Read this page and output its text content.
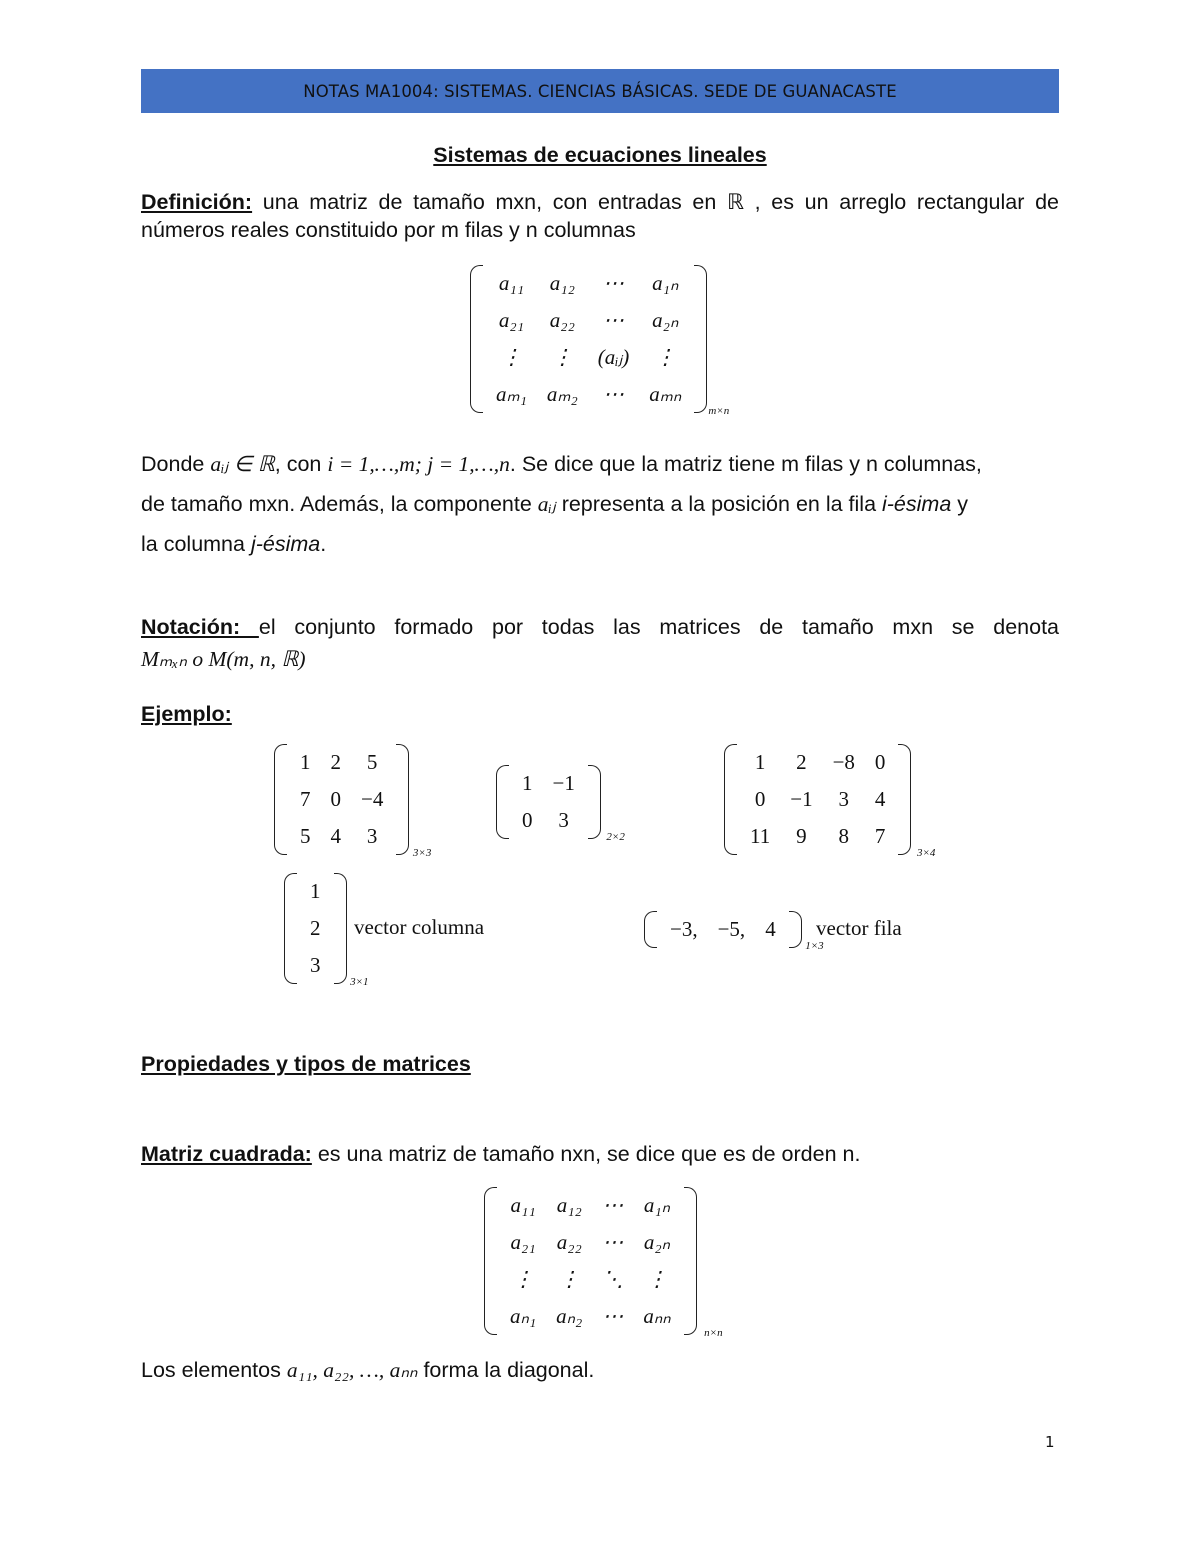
NOTAS MA1004: SISTEMAS. CIENCIAS BÁSICAS. SEDE DE GUANACASTE
Sistemas de ecuaciones lineales
Definición: una matriz de tamaño mxn, con entradas en ℝ , es un arreglo rectangular de
números reales constituido por m filas y n columnas
a₁₁	a₁₂	⋯	a₁ₙ
a₂₁	a₂₂	⋯	a₂ₙ
⋮	⋮	(aᵢⱼ)	⋮
aₘ₁	aₘ₂	⋯	aₘₙ
m×n
Donde aᵢⱼ ∈ ℝ, con i = 1,…,m; j = 1,…,n. Se dice que la matriz tiene m filas y n columnas,
de tamaño mxn. Además, la componente aᵢⱼ representa a la posición en la fila i-ésima y
la columna j-ésima.
Notación: el conjunto formado por todas las matrices de tamaño mxn se denota
Mₘₓₙ o M(m, n, ℝ)
Ejemplo:
1	2	5
7	0	−4
5	4	3
3×3
1	−1
0	3
2×2
1	2	−8	0
0	−1	3	4
11	9	8	7
3×4
1
2
3
3×1
vector columna	−3,	−5,	4
1×3
vector fila
Propiedades y tipos de matrices
Matriz cuadrada: es una matriz de tamaño nxn, se dice que es de orden n.
a₁₁	a₁₂	⋯	a₁ₙ
a₂₁	a₂₂	⋯	a₂ₙ
⋮	⋮	⋱	⋮
aₙ₁	aₙ₂	⋯	aₙₙ
n×n
Los elementos a₁₁, a₂₂, …, aₙₙ forma la diagonal.
1
